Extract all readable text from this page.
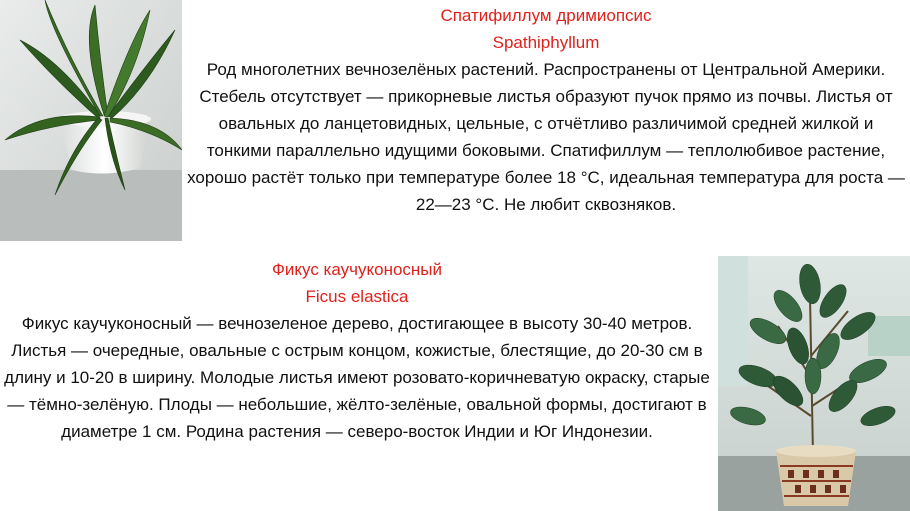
Спатифиллум дримиопсис

Spathiphyllum

Род многолетних вечнозелёных растений. Распространены от Центральной Америки. Стебель отсутствует — прикорневые листья образуют пучок прямо из почвы. Листья от овальных до ланцетовидных, цельные, с отчётливо различимой средней жилкой и тонкими параллельно идущими боковыми. Спатифиллум — теплолюбивое растение, хорошо растёт только при температуре более 18 °C, идеальная температура для роста — 22—23 °C. Не любит сквозняков.

Фикус каучуконосный

Ficus elastica

Фикус каучуконосный — вечнозеленое дерево, достигающее в высоту 30-40 метров. Листья — очередные, овальные с острым концом, кожистые, блестящие, до 20-30 см в длину и 10-20 в ширину. Молодые листья имеют розовато-коричневатую окраску, старые — тёмно-зелёную. Плоды — небольшие, жёлто-зелёные, овальной формы, достигают в диаметре 1 см. Родина растения — северо-восток Индии и Юг Индонезии.
